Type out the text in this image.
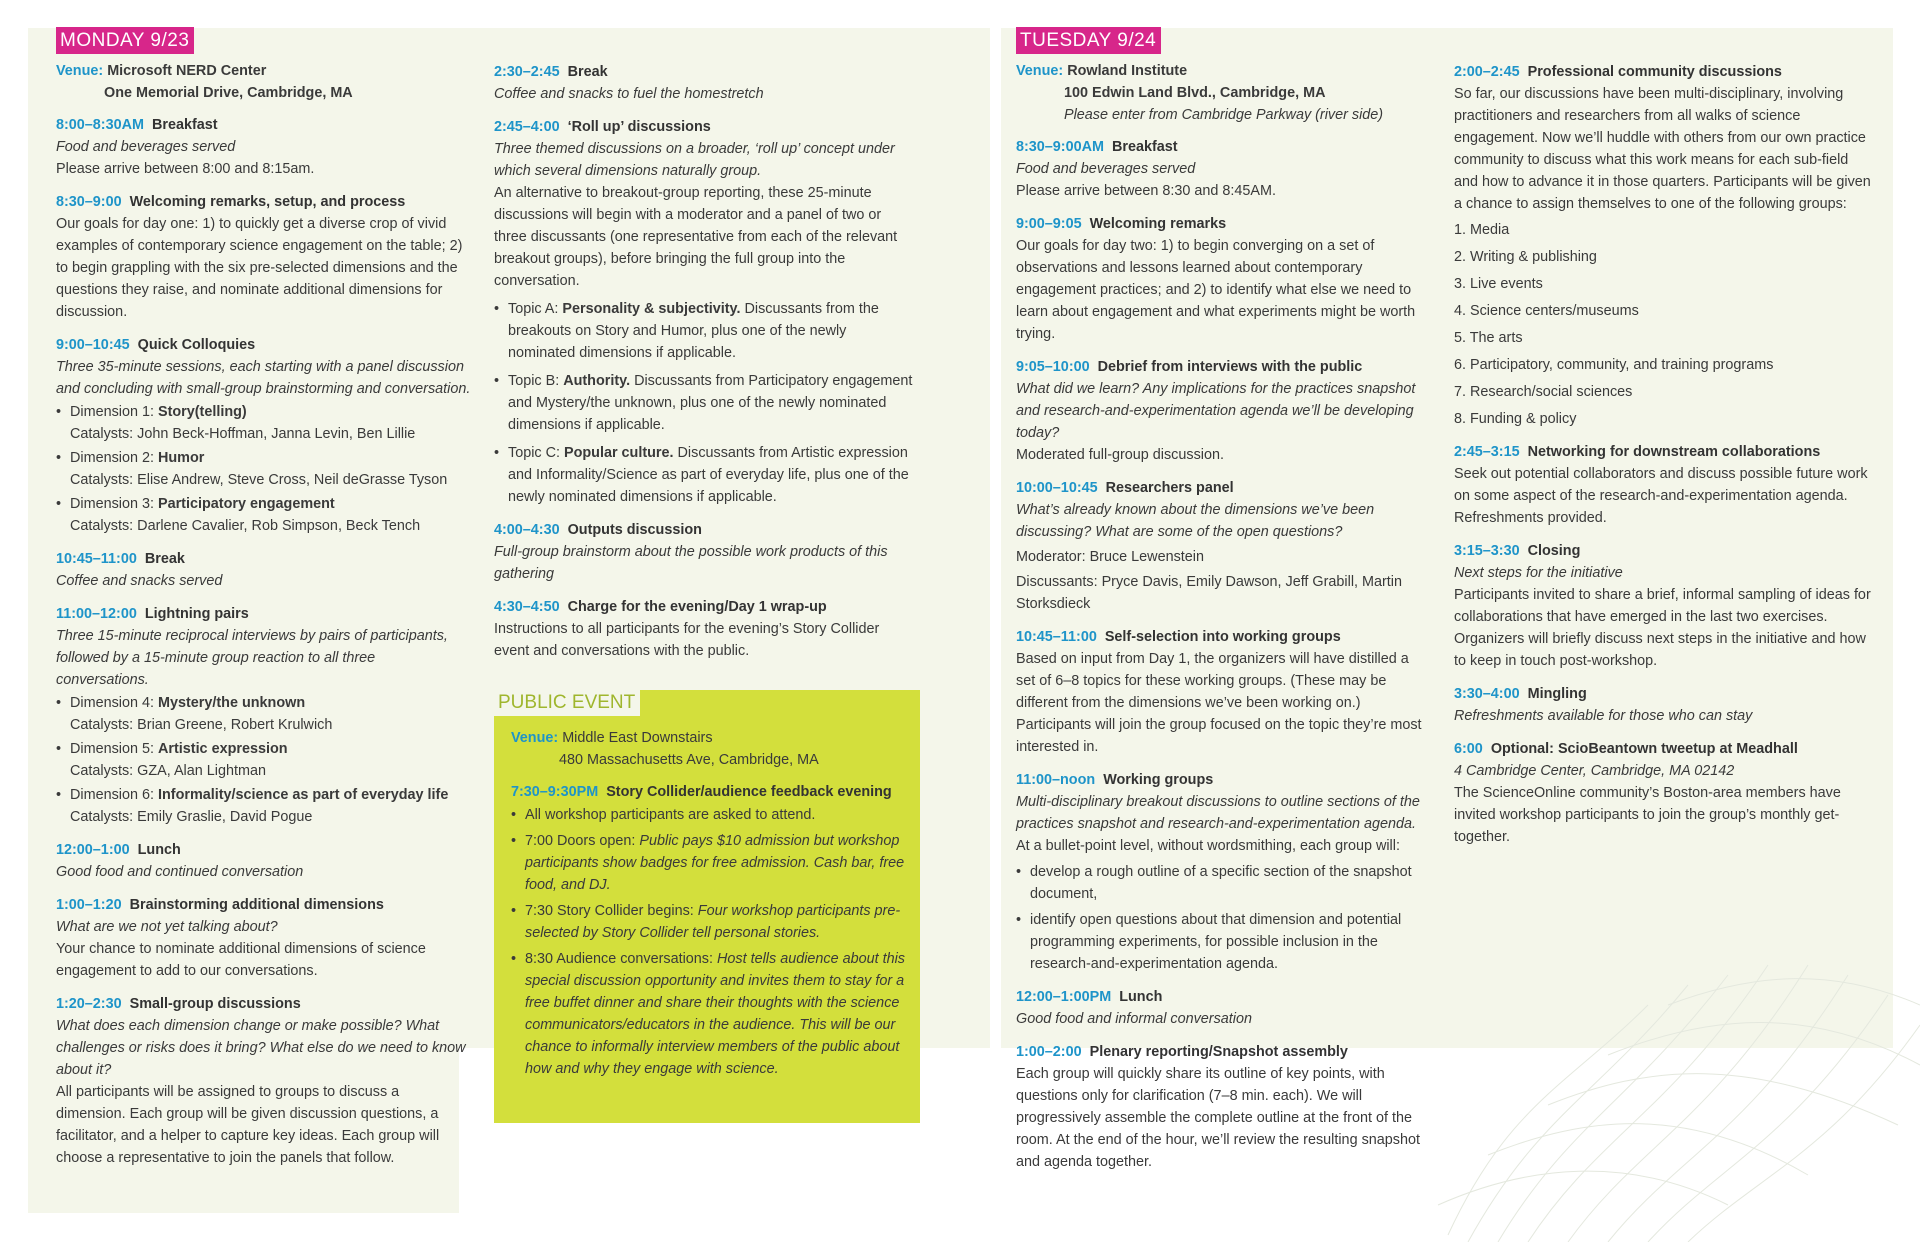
MONDAY 9/23
Venue: Microsoft NERD Center
One Memorial Drive, Cambridge, MA
8:00–8:30AM Breakfast
Food and beverages served
Please arrive between 8:00 and 8:15am.
8:30–9:00 Welcoming remarks, setup, and process
Our goals for day one: 1) to quickly get a diverse crop of vivid examples of contemporary science engagement on the table; 2) to begin grappling with the six pre-selected dimensions and the questions they raise, and nominate additional dimensions for discussion.
9:00–10:45 Quick Colloquies
Three 35-minute sessions, each starting with a panel discussion and concluding with small-group brainstorming and conversation.
• Dimension 1: Story(telling)
Catalysts: John Beck-Hoffman, Janna Levin, Ben Lillie
• Dimension 2: Humor
Catalysts: Elise Andrew, Steve Cross, Neil deGrasse Tyson
• Dimension 3: Participatory engagement
Catalysts: Darlene Cavalier, Rob Simpson, Beck Tench
10:45–11:00 Break
Coffee and snacks served
11:00–12:00 Lightning pairs
Three 15-minute reciprocal interviews by pairs of participants, followed by a 15-minute group reaction to all three conversations.
• Dimension 4: Mystery/the unknown
Catalysts: Brian Greene, Robert Krulwich
• Dimension 5: Artistic expression
Catalysts: GZA, Alan Lightman
• Dimension 6: Informality/science as part of everyday life
Catalysts: Emily Graslie, David Pogue
12:00–1:00 Lunch
Good food and continued conversation
1:00–1:20 Brainstorming additional dimensions
What are we not yet talking about?
Your chance to nominate additional dimensions of science engagement to add to our conversations.
1:20–2:30 Small-group discussions
What does each dimension change or make possible? What challenges or risks does it bring? What else do we need to know about it?
All participants will be assigned to groups to discuss a dimension. Each group will be given discussion questions, a facilitator, and a helper to capture key ideas. Each group will choose a representative to join the panels that follow.
2:30–2:45 Break
Coffee and snacks to fuel the homestretch
2:45–4:00 ‘Roll up’ discussions
Three themed discussions on a broader, ‘roll up’ concept under which several dimensions naturally group.
An alternative to breakout-group reporting, these 25-minute discussions will begin with a moderator and a panel of two or three discussants (one representative from each of the relevant breakout groups), before bringing the full group into the conversation.
• Topic A: Personality & subjectivity. Discussants from the breakouts on Story and Humor, plus one of the newly nominated dimensions if applicable.
• Topic B: Authority. Discussants from Participatory engagement and Mystery/the unknown, plus one of the newly nominated dimensions if applicable.
• Topic C: Popular culture. Discussants from Artistic expression and Informality/Science as part of everyday life, plus one of the newly nominated dimensions if applicable.
4:00–4:30 Outputs discussion
Full-group brainstorm about the possible work products of this gathering
4:30–4:50 Charge for the evening/Day 1 wrap-up
Instructions to all participants for the evening’s Story Collider event and conversations with the public.
PUBLIC EVENT
Venue: Middle East Downstairs
480 Massachusetts Ave, Cambridge, MA
7:30–9:30PM Story Collider/audience feedback evening
• All workshop participants are asked to attend.
• 7:00 Doors open: Public pays $10 admission but workshop participants show badges for free admission. Cash bar, free food, and DJ.
• 7:30 Story Collider begins: Four workshop participants pre-selected by Story Collider tell personal stories.
• 8:30 Audience conversations: Host tells audience about this special discussion opportunity and invites them to stay for a free buffet dinner and share their thoughts with the science communicators/educators in the audience. This will be our chance to informally interview members of the public about how and why they engage with science.
TUESDAY 9/24
Venue: Rowland Institute
100 Edwin Land Blvd., Cambridge, MA
Please enter from Cambridge Parkway (river side)
8:30–9:00AM Breakfast
Food and beverages served
Please arrive between 8:30 and 8:45AM.
9:00–9:05 Welcoming remarks
Our goals for day two: 1) to begin converging on a set of observations and lessons learned about contemporary engagement practices; and 2) to identify what else we need to learn about engagement and what experiments might be worth trying.
9:05–10:00 Debrief from interviews with the public
What did we learn? Any implications for the practices snapshot and research-and-experimentation agenda we’ll be developing today?
Moderated full-group discussion.
10:00–10:45 Researchers panel
What’s already known about the dimensions we’ve been discussing? What are some of the open questions?
Moderator: Bruce Lewenstein
Discussants: Pryce Davis, Emily Dawson, Jeff Grabill, Martin Storksdieck
10:45–11:00 Self-selection into working groups
Based on input from Day 1, the organizers will have distilled a set of 6–8 topics for these working groups. (These may be different from the dimensions we’ve been working on.) Participants will join the group focused on the topic they’re most interested in.
11:00–noon Working groups
Multi-disciplinary breakout discussions to outline sections of the practices snapshot and research-and-experimentation agenda.
At a bullet-point level, without wordsmithing, each group will:
• develop a rough outline of a specific section of the snapshot document,
• identify open questions about that dimension and potential programming experiments, for possible inclusion in the research-and-experimentation agenda.
12:00–1:00PM Lunch
Good food and informal conversation
1:00–2:00 Plenary reporting/Snapshot assembly
Each group will quickly share its outline of key points, with questions only for clarification (7–8 min. each). We will progressively assemble the complete outline at the front of the room. At the end of the hour, we’ll review the resulting snapshot and agenda together.
2:00–2:45 Professional community discussions
So far, our discussions have been multi-disciplinary, involving practitioners and researchers from all walks of science engagement. Now we’ll huddle with others from our own practice community to discuss what this work means for each sub-field and how to advance it in those quarters. Participants will be given a chance to assign themselves to one of the following groups:
1. Media
2. Writing & publishing
3. Live events
4. Science centers/museums
5. The arts
6. Participatory, community, and training programs
7. Research/social sciences
8. Funding & policy
2:45–3:15 Networking for downstream collaborations
Seek out potential collaborators and discuss possible future work on some aspect of the research-and-experimentation agenda. Refreshments provided.
3:15–3:30 Closing
Next steps for the initiative
Participants invited to share a brief, informal sampling of ideas for collaborations that have emerged in the last two exercises. Organizers will briefly discuss next steps in the initiative and how to keep in touch post-workshop.
3:30–4:00 Mingling
Refreshments available for those who can stay
6:00 Optional: ScioBeantown tweetup at Meadhall
4 Cambridge Center, Cambridge, MA 02142
The ScienceOnline community’s Boston-area members have invited workshop participants to join the group’s monthly get-together.
